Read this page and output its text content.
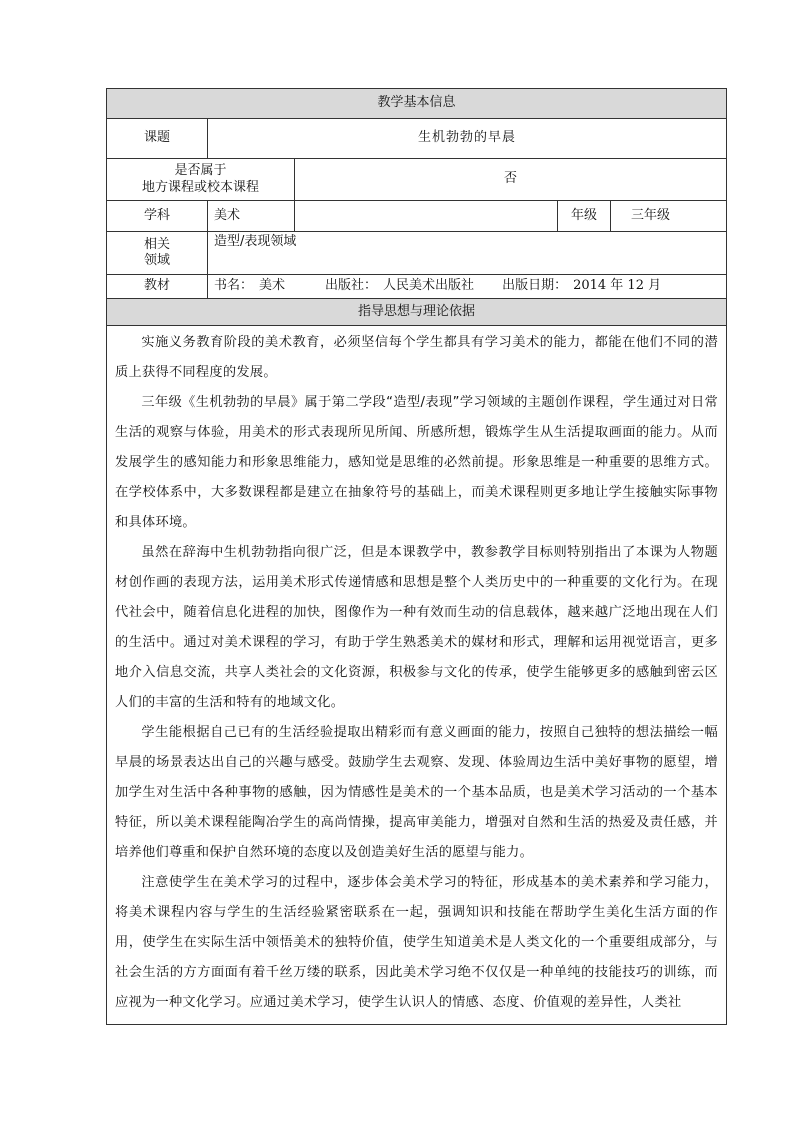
教学基本信息				
课题	生机勃勃的早晨			

是否属于
地方课程或校本课程		否		
学科	美术		年级	三年级

相关
领域	造型/表现领域			
教材	书名： 美术 出版社： 人民美术出版社 出版日期： 2014 年 12 月			
指导思想与理论依据				

实施义务教育阶段的美术教育，必须坚信每个学生都具有学习美术的能力，都能在他们不同的潜质上获得不同程度的发展。

三年级《生机勃勃的早晨》属于第二学段“造型/表现”学习领域的主题创作课程，学生通过对日常生活的观察与体验，用美术的形式表现所见所闻、所感所想，锻炼学生从生活提取画面的能力。从而发展学生的感知能力和形象思维能力，感知觉是思维的必然前提。形象思维是一种重要的思维方式。在学校体系中，大多数课程都是建立在抽象符号的基础上，而美术课程则更多地让学生接触实际事物和具体环境。

虽然在辞海中生机勃勃指向很广泛，但是本课教学中，教参教学目标则特别指出了本课为人物题材创作画的表现方法，运用美术形式传递情感和思想是整个人类历史中的一种重要的文化行为。在现代社会中，随着信息化进程的加快，图像作为一种有效而生动的信息载体，越来越广泛地出现在人们的生活中。通过对美术课程的学习，有助于学生熟悉美术的媒材和形式，理解和运用视觉语言，更多地介入信息交流，共享人类社会的文化资源，积极参与文化的传承，使学生能够更多的感触到密云区人们的丰富的生活和特有的地域文化。

学生能根据自己已有的生活经验提取出精彩而有意义画面的能力，按照自己独特的想法描绘一幅早晨的场景表达出自己的兴趣与感受。鼓励学生去观察、发现、体验周边生活中美好事物的愿望，增加学生对生活中各种事物的感触，因为情感性是美术的一个基本品质，也是美术学习活动的一个基本特征，所以美术课程能陶冶学生的高尚情操，提高审美能力，增强对自然和生活的热爱及责任感，并培养他们尊重和保护自然环境的态度以及创造美好生活的愿望与能力。

注意使学生在美术学习的过程中，逐步体会美术学习的特征，形成基本的美术素养和学习能力，将美术课程内容与学生的生活经验紧密联系在一起，强调知识和技能在帮助学生美化生活方面的作用，使学生在实际生活中领悟美术的独特价值，使学生知道美术是人类文化的一个重要组成部分，与社会生活的方方面面有着千丝万缕的联系，因此美术学习绝不仅仅是一种单纯的技能技巧的训练，而应视为一种文化学习。应通过美术学习，使学生认识人的情感、态度、价值观的差异性，人类社				
